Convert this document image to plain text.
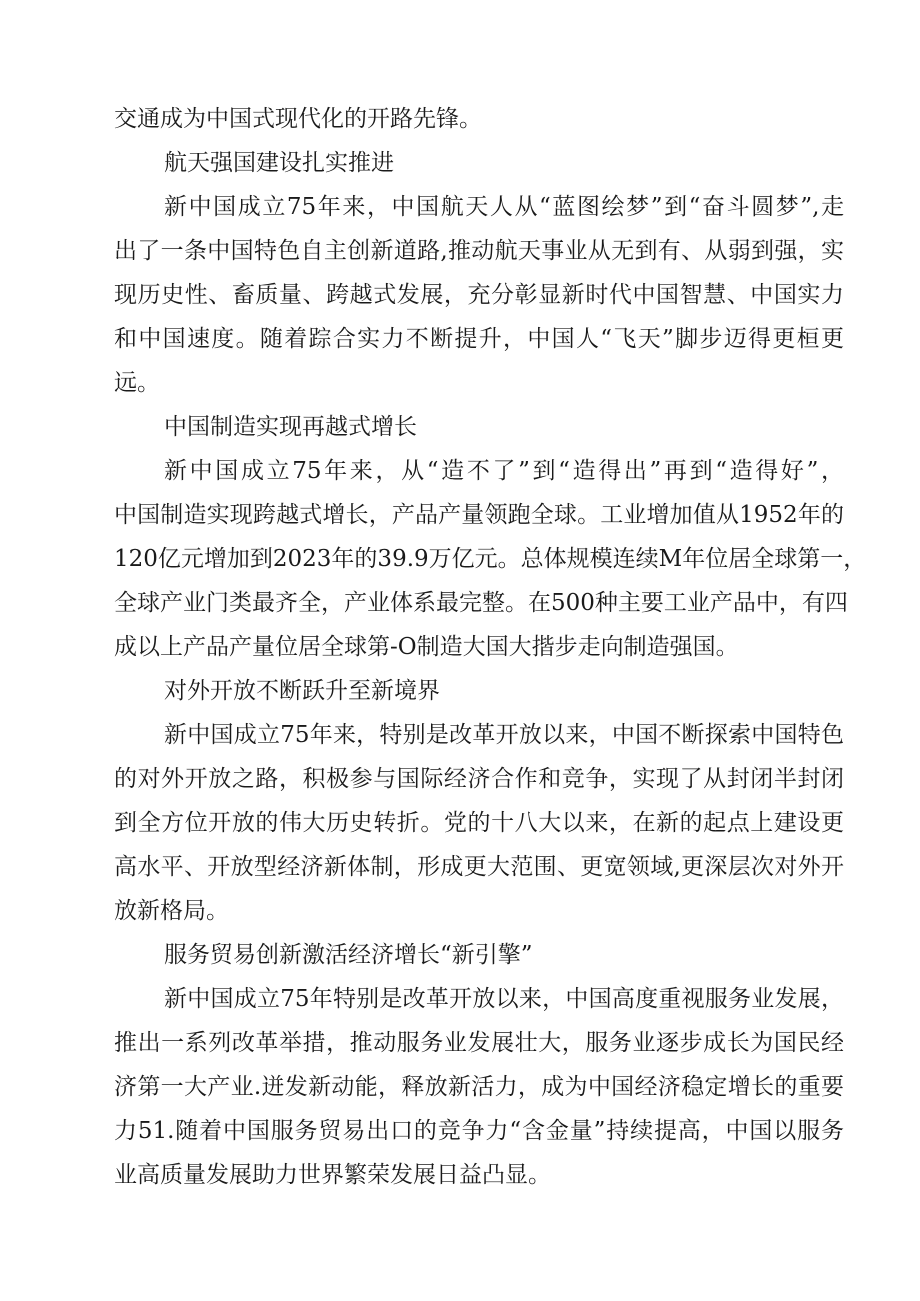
交通成为中国式现代化的开路先锋。
航天强国建设扎实推进
新中国成立75年来，中国航天人从“蓝图绘梦”到“奋斗圆梦”,走
出了一条中国特色自主创新道路,推动航天事业从无到有、从弱到强，实
现历史性、畜质量、跨越式发展，充分彰显新时代中国智慧、中国实力
和中国速度。随着踪合实力不断提升，中国人“飞天”脚步迈得更桓更
远。
中国制造实现再越式增长
新中国成立75年来，从“造不了”到“造得出”再到“造得好”，
中国制造实现跨越式增长，产品产量领跑全球。工业增加值从1952年的
120亿元增加到2023年的39.9万亿元。总体规模连续M年位居全球第一，
全球产业门类最齐全，产业体系最完整。在500种主要工业产品中，有四
成以上产品产量位居全球第-O制造大国大揩步走向制造强国。
对外开放不断跃升至新境界
新中国成立75年来，特别是改革开放以来，中国不断探索中国特色
的对外开放之路，积极参与国际经济合作和竞争，实现了从封闭半封闭
到全方位开放的伟大历史转折。党的十八大以来，在新的起点上建设更
高水平、开放型经济新体制，形成更大范围、更宽领域,更深层次对外开
放新格局。
服务贸易创新激活经济增长“新引擎”
新中国成立75年特别是改革开放以来，中国高度重视服务业发展，
推出一系列改革举措，推动服务业发展壮大，服务业逐步成长为国民经
济第一大产业.迸发新动能，释放新活力，成为中国经济稳定增长的重要
力51.随着中国服务贸易出口的竞争力“含金量”持续提高，中国以服务
业高质量发展助力世界繁荣发展日益凸显。
